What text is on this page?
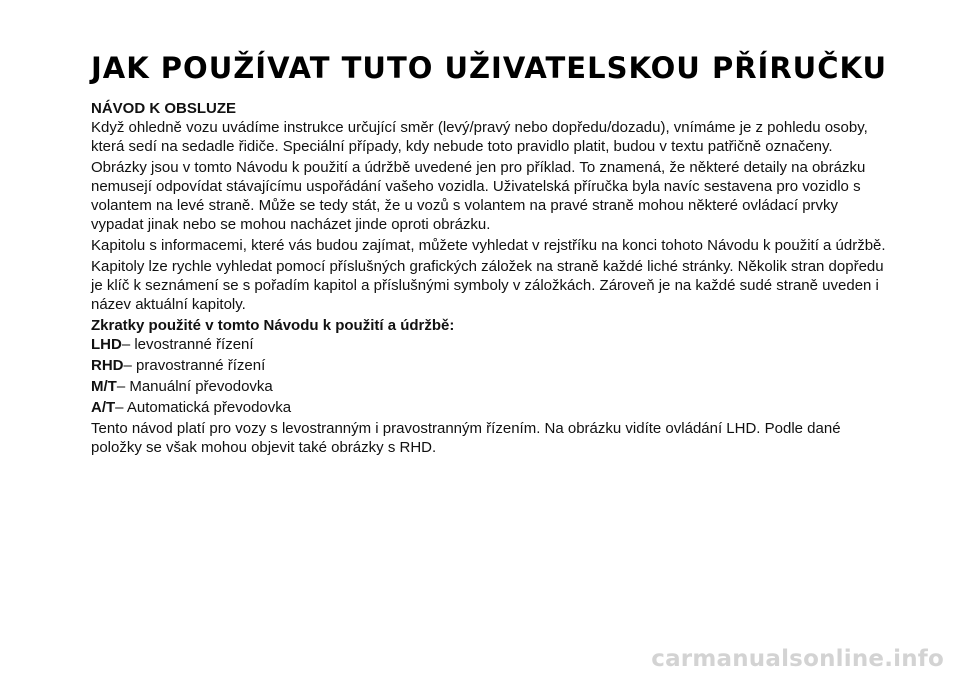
JAK POUŽÍVAT TUTO UŽIVATELSKOU PŘÍRUČKU
NÁVOD K OBSLUZE

Když ohledně vozu uvádíme instrukce určující směr (levý/pravý nebo dopředu/dozadu), vnímáme je z pohledu osoby, která sedí na sedadle řidiče. Speciální případy, kdy nebude toto pravidlo platit, budou v textu patřičně označeny.

Obrázky jsou v tomto Návodu k použití a údržbě uvedené jen pro příklad. To znamená, že některé detaily na obrázku nemusejí odpovídat stávajícímu uspořádání vašeho vozidla. Uživatelská příručka byla navíc sestavena pro vozidlo s volantem na levé straně. Může se tedy stát, že u vozů s volantem na pravé straně mohou některé ovládací prvky vypadat jinak nebo se mohou nacházet jinde oproti obrázku.

Kapitolu s informacemi, které vás budou zajímat, můžete vyhledat v rejstříku na konci tohoto Návodu k použití a údržbě.

Kapitoly lze rychle vyhledat pomocí příslušných grafických záložek na straně každé liché stránky. Několik stran dopředu je klíč k seznámení se s pořadím kapitol a příslušnými symboly v záložkách. Zároveň je na každé sudé straně uveden i název aktuální kapitoly.

Zkratky použité v tomto Návodu k použití a údržbě:
LHD– levostranné řízení
RHD– pravostranné řízení
M/T– Manuální převodovka
A/T– Automatická převodovka

Tento návod platí pro vozy s levostranným i pravostranným řízením. Na obrázku vidíte ovládání LHD. Podle dané položky se však mohou objevit také obrázky s RHD.

carmanualsonline.info
